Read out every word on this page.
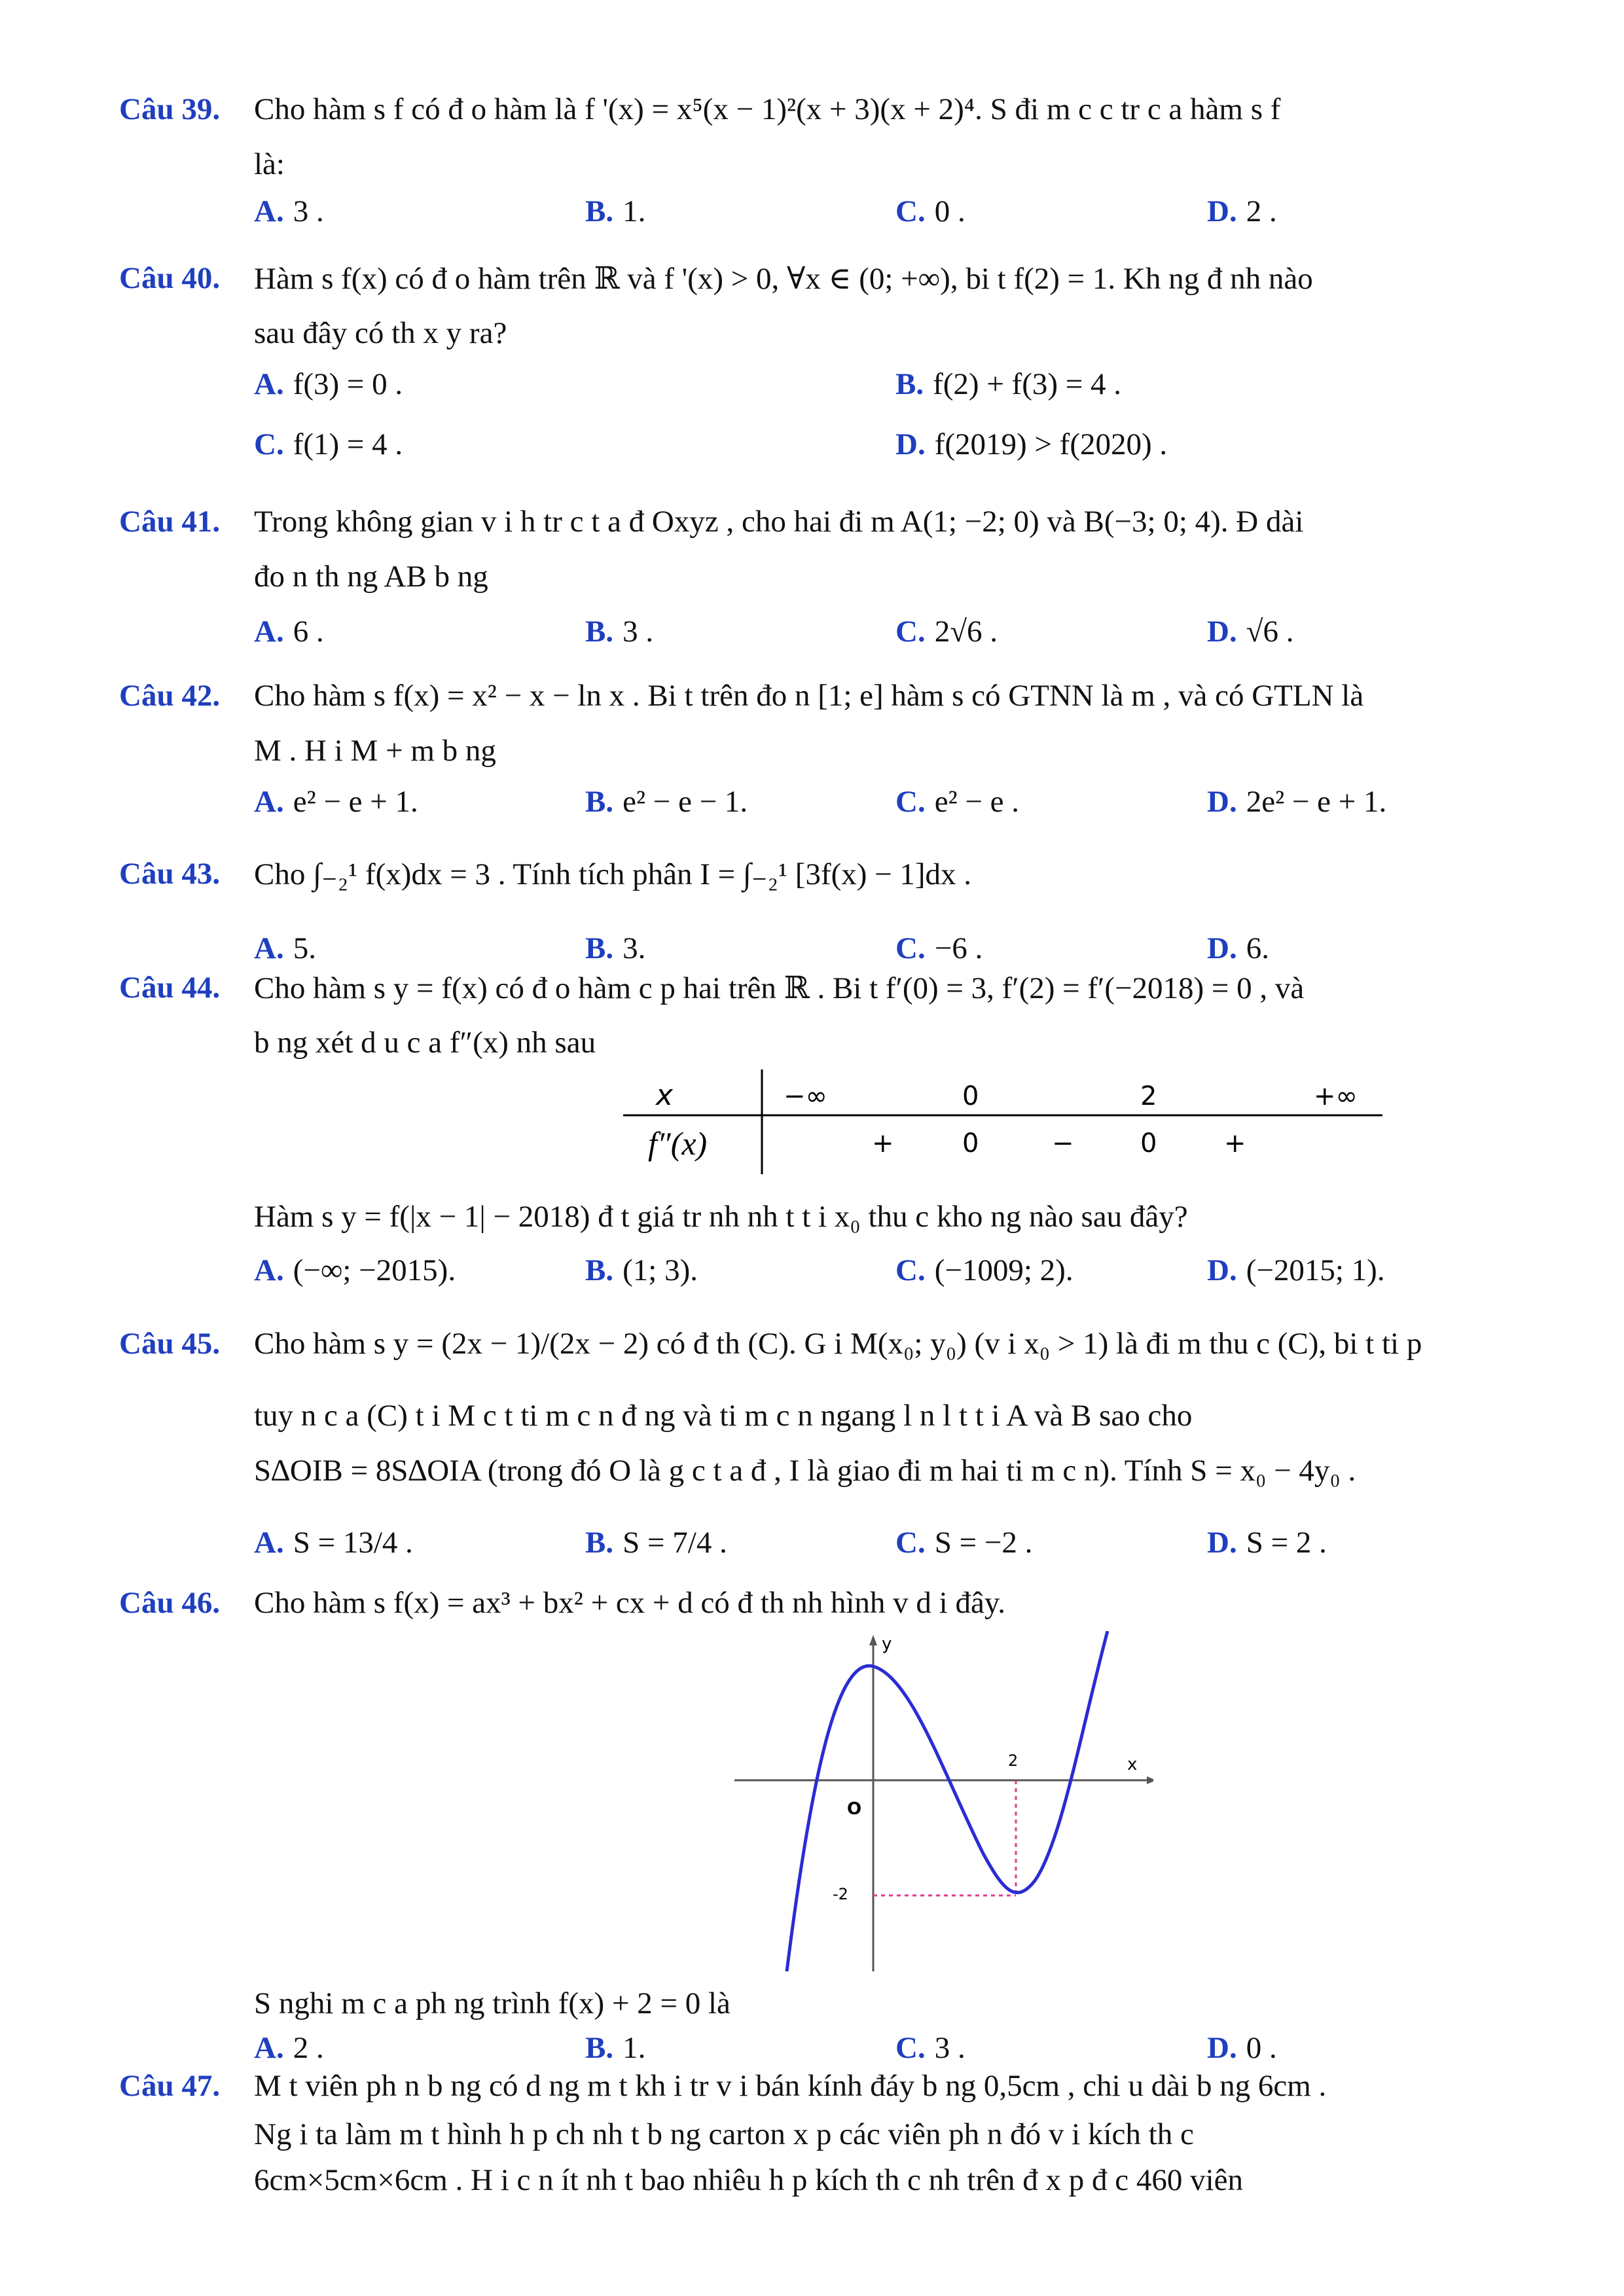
Câu 39. Cho hàm s f có đ o hàm là f '(x) = x⁵(x − 1)²(x + 3)(x + 2)⁴. S đi m c c tr c a hàm s f
là:
A. 3 .	B. 1.	C. 0 .	D. 2 .
Câu 40. Hàm s f(x) có đ o hàm trên ℝ và f '(x) > 0, ∀x ∈ (0; +∞), bi t f(2) = 1. Kh ng đ nh nào
sau đây có th x y ra?
A. f(3) = 0 .	B. f(2) + f(3) = 4 .
C. f(1) = 4 .	D. f(2019) > f(2020) .
Câu 41. Trong không gian v i h tr c t a đ Oxyz , cho hai đi m A(1; −2; 0) và B(−3; 0; 4). Đ dài
đo n th ng AB b ng
A. 6 .	B. 3 .	C. 2√6 .	D. √6 .
Câu 42. Cho hàm s f(x) = x² − x − ln x . Bi t trên đo n [1; e] hàm s có GTNN là m , và có GTLN là
M . H i M + m b ng
A. e² − e + 1.	B. e² − e − 1.	C. e² − e .	D. 2e² − e + 1.
Câu 43. Cho ∫₋₂¹ f(x)dx = 3 . Tính tích phân I = ∫₋₂¹ [3f(x) − 1]dx .
A. 5.	B. 3.	C. −6 .	D. 6.
Câu 44. Cho hàm s y = f(x) có đ o hàm c p hai trên ℝ . Bi t f′(0) = 3, f′(2) = f′(−2018) = 0 , và
b ng xét d u c a f″(x) nh sau
x	−∞	0	2	+∞
f″(x)	+	0	−	0	+
Hàm s y = f(|x − 1| − 2018) đ t giá tr nh nh t t i x₀ thu c kho ng nào sau đây?
A. (−∞; −2015).	B. (1; 3).	C. (−1009; 2).	D. (−2015; 1).
Câu 45. Cho hàm s y = (2x − 1)/(2x − 2) có đ th (C). G i M(x₀; y₀) (v i x₀ > 1) là đi m thu c (C), bi t ti p
tuy n c a (C) t i M c t ti m c n đ ng và ti m c n ngang l n l t t i A và B sao cho
S∆OIB = 8S∆OIA (trong đó O là g c t a đ , I là giao đi m hai ti m c n). Tính S = x₀ − 4y₀ .
A. S = 13/4 .	B. S = 7/4 .	C. S = −2 .	D. S = 2 .
Câu 46. Cho hàm s f(x) = ax³ + bx² + cx + d có đ th nh hình v d i đây.
y
x
O
2
-2
S nghi m c a ph ng trình f(x) + 2 = 0 là
A. 2 .	B. 1.	C. 3 .	D. 0 .
Câu 47. M t viên ph n b ng có d ng m t kh i tr v i bán kính đáy b ng 0,5cm , chi u dài b ng 6cm .
Ng i ta làm m t hình h p ch nh t b ng carton x p các viên ph n đó v i kích th c
6cm×5cm×6cm . H i c n ít nh t bao nhiêu h p kích th c nh trên đ x p đ c 460 viên
